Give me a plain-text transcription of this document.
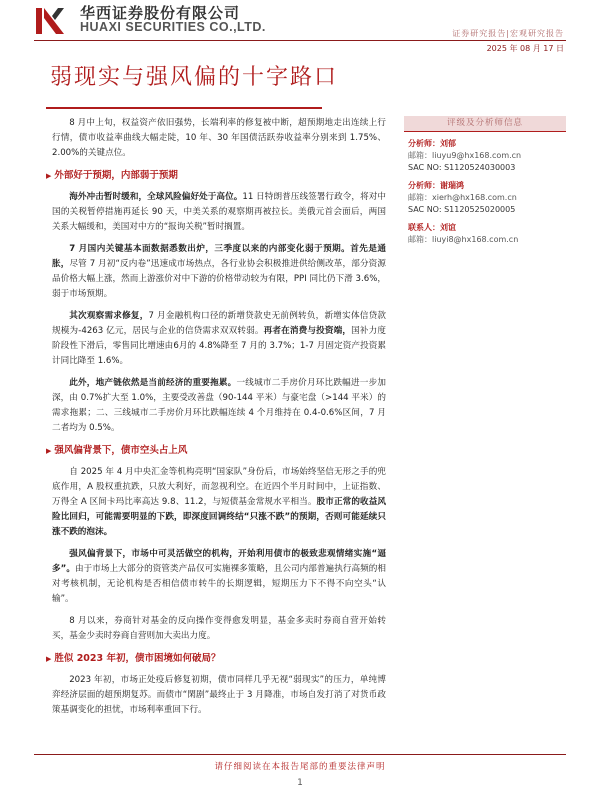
华西证券股份有限公司
HUAXI SECURITIES CO.,LTD.	证券研究报告|宏观研究报告
2025 年 08 月 17 日
弱现实与强风偏的十字路口

8 月中上旬，权益资产依旧强势，长端利率的修复被中断，超预期地走出连续上行行情，债市收益率曲线大幅走陡，10 年、30 年国债活跃券收益率分别来到 1.75%、2.00%的关键点位。

▶ 外部好于预期，内部弱于预期

海外冲击暂时缓和，全球风险偏好处于高位。11 日特朗普压线签署行政令，将对中国的关税暂停措施再延长 90 天，中美关系的观察期再被拉长。美俄元首会面后，两国关系大幅缓和，美国对中方的“报询关税”暂时搁置。

7 月国内关键基本面数据悉数出炉，三季度以来的内部变化弱于预期。首先是通胀，尽管 7 月初“反内卷”迅速成市场热点，各行业协会积极推进供给侧改革，部分资源品价格大幅上涨，然而上游涨价对中下游的价格带动较为有限，PPI 同比仍下滑 3.6%，弱于市场预期。

其次观察需求修复，7 月金融机构口径的新增贷款史无前例转负，新增实体信贷款规模为-4263 亿元，居民与企业的信贷需求双双转弱。再者在消费与投资端，国补力度阶段性下滑后，零售同比增速由6月的 4.8%降至 7 月的 3.7%；1-7 月固定资产投资累计同比降至 1.6%。

此外，地产链依然是当前经济的重要拖累。一线城市二手房价月环比跌幅进一步加深，由 0.7%扩大至 1.0%，主要受改善盘（90-144 平米）与豪宅盘（>144 平米）的需求拖累；二、三线城市二手房价月环比跌幅连续 4 个月维持在 0.4-0.6%区间，7 月二者均为 0.5%。

▶ 强风偏背景下，债市空头占上风

自 2025 年 4 月中央汇金等机构亮明“国家队”身份后，市场始终坚信无形之手的兜底作用，A 股权重抗跌，只放大利好，而忽视利空。在近四个半月时间中，上证指数、万得全 A 区间卡玛比率高达 9.8、11.2，与短债基金常规水平相当。股市正常的收益风险比回归，可能需要明显的下跌，即深度回调终结“只涨不跌”的预期，否则可能延续只涨不跌的泡沫。

强风偏背景下，市场中可灵活做空的机构，开始利用债市的极致悲观情绪实施“逼多”。由于市场上大部分的资管类产品仅可实施裸多策略，且公司内部普遍执行高频的相对考核机制，无论机构是否相信债市转牛的长期逻辑，短期压力下不得不向空头“认输”。

8 月以来，券商针对基金的反向操作变得愈发明显，基金多卖时券商自营开始转买，基金少卖时券商自营则加大卖出力度。

▶ 胜似 2023 年初，债市困境如何破局？

2023 年初，市场正处疫后修复初期，债市同样几乎无视“弱现实”的压力，单纯博弈经济层面的超预期复苏。而债市“閑剧”最终止于 3 月降准，市场自发打消了对货币政策基调变化的担忧，市场利率重回下行。

评级及分析师信息
分析师：刘郁
邮箱：liuyu9@hx168.com.cn
SAC NO: S1120524030003
分析师：谢瑞鸿
邮箱：xierh@hx168.com.cn
SAC NO: S1120525020005
联系人：刘谊
邮箱：liuyi8@hx168.com.cn
请仔细阅读在本报告尾部的重要法律声明
1
